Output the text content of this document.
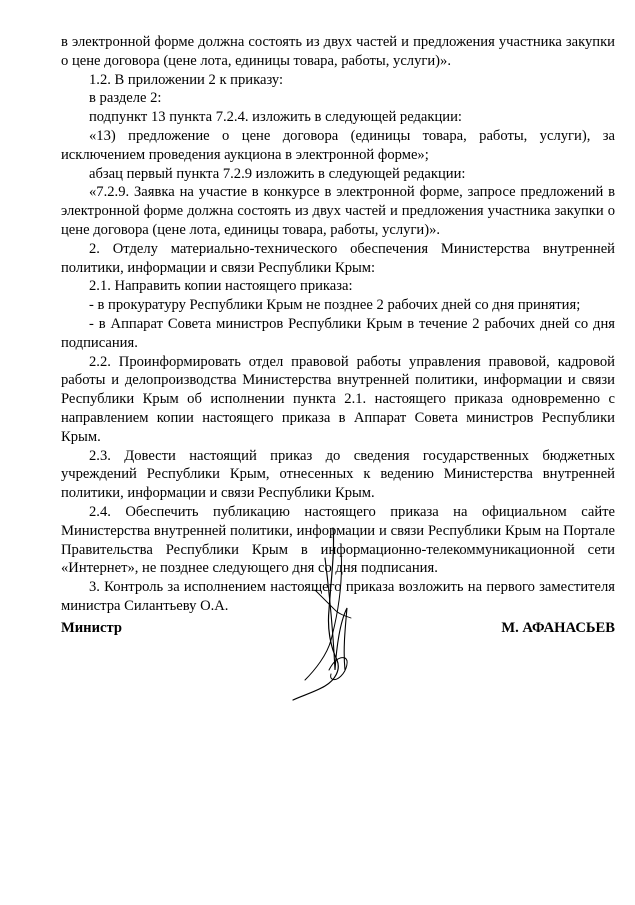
в электронной форме должна состоять из двух частей и предложения участника закупки о цене договора (цене лота, единицы товара, работы, услуги)».

1.2. В приложении 2 к приказу:

в разделе 2:

подпункт 13 пункта 7.2.4. изложить в следующей редакции:

«13) предложение о цене договора (единицы товара, работы, услуги), за исключением проведения аукциона в электронной форме»;

абзац первый пункта 7.2.9 изложить в следующей редакции:

«7.2.9. Заявка на участие в конкурсе в электронной форме, запросе предложений в электронной форме должна состоять из двух частей и предложения участника закупки о цене договора (цене лота, единицы товара, работы, услуги)».

2. Отделу материально-технического обеспечения Министерства внутренней политики, информации и связи Республики Крым:

2.1. Направить копии настоящего приказа:

- в прокуратуру Республики Крым не позднее 2 рабочих дней со дня принятия;

- в Аппарат Совета министров Республики Крым в течение 2 рабочих дней со дня подписания.

2.2. Проинформировать отдел правовой работы управления правовой, кадровой работы и делопроизводства Министерства внутренней политики, информации и связи Республики Крым об исполнении пункта 2.1. настоящего приказа одновременно с направлением копии настоящего приказа в Аппарат Совета министров Республики Крым.

2.3. Довести настоящий приказ до сведения государственных бюджетных учреждений Республики Крым, отнесенных к ведению Министерства внутренней политики, информации и связи Республики Крым.

2.4. Обеспечить публикацию настоящего приказа на официальном сайте Министерства внутренней политики, информации и связи Республики Крым на Портале Правительства Республики Крым в информационно-телекоммуникационной сети «Интернет», не позднее следующего дня со дня подписания.

3. Контроль за исполнением настоящего приказа возложить на первого заместителя министра Силантьеву О.А.

Министр	М. АФАНАСЬЕВ
